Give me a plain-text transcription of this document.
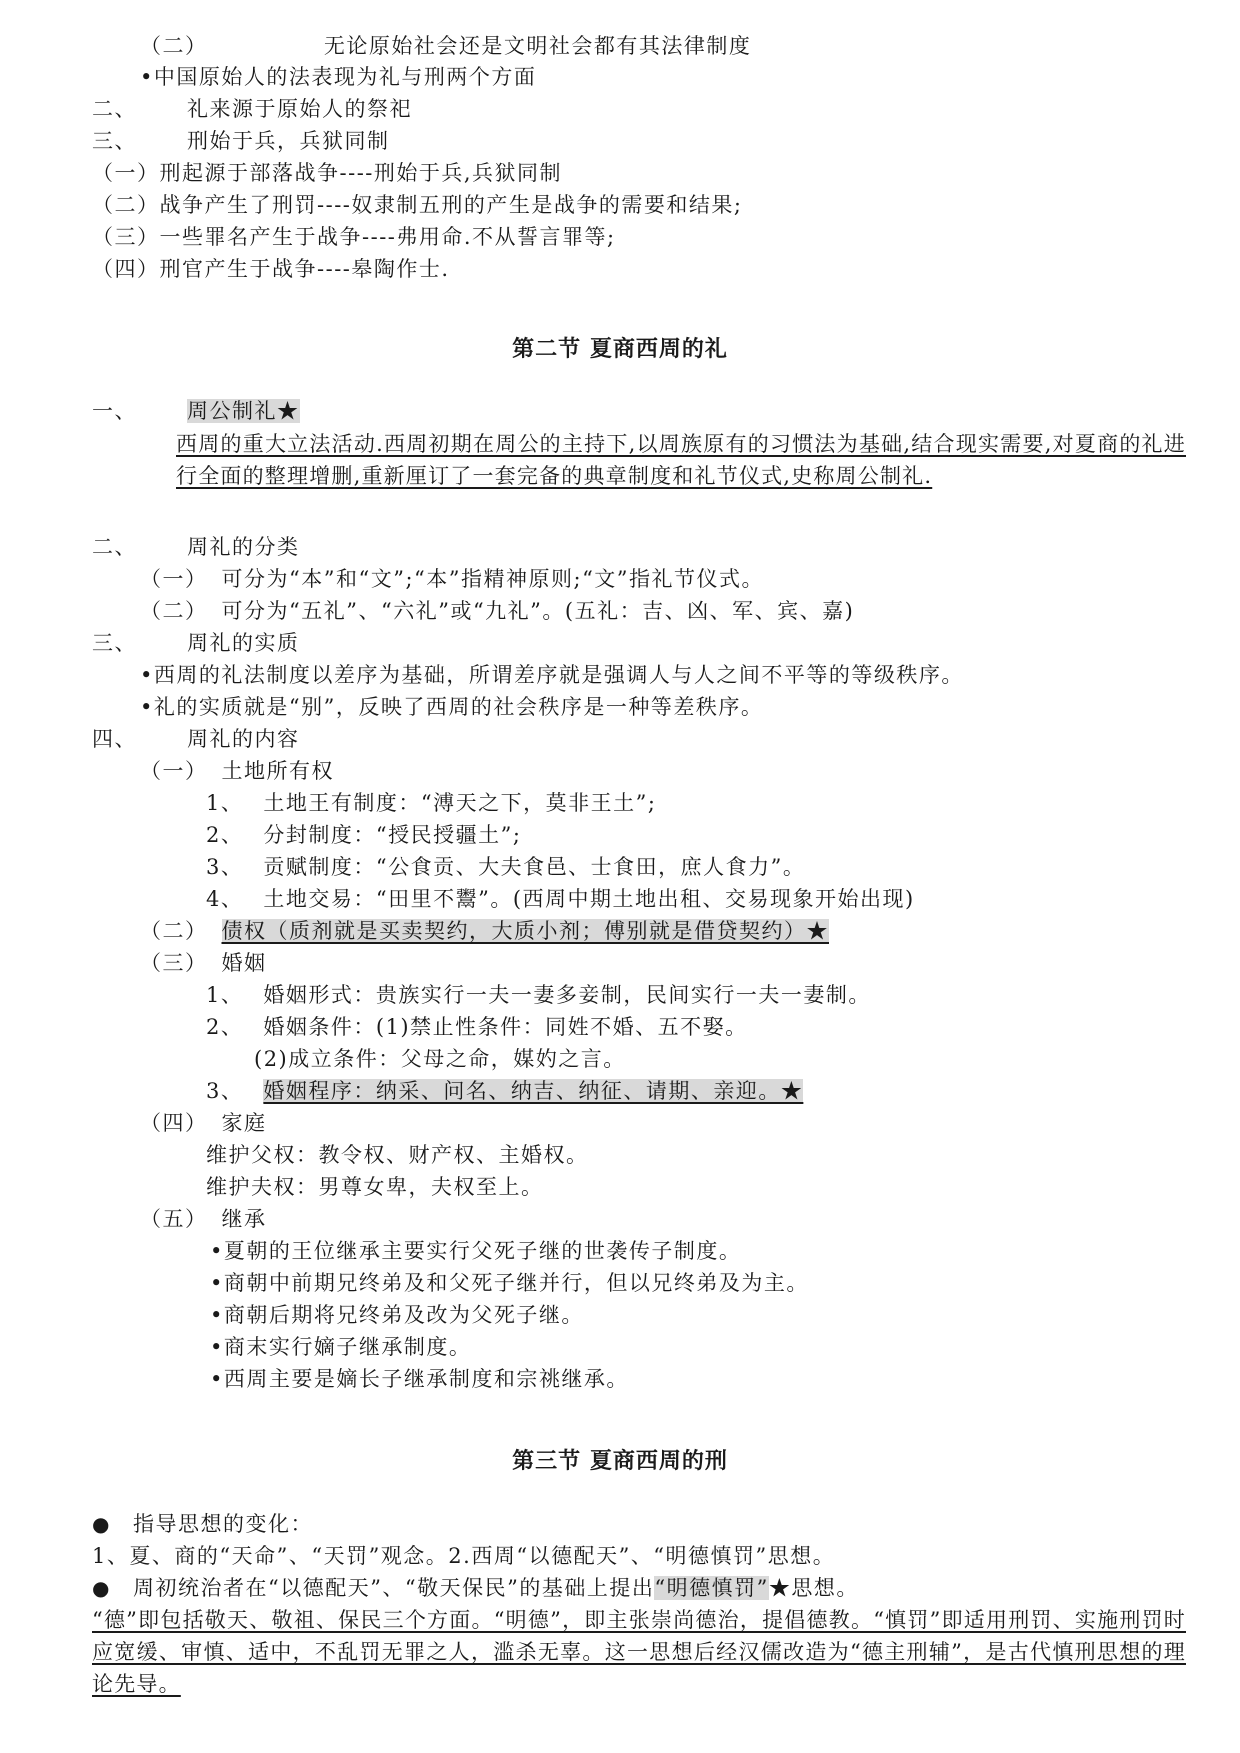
（二）	无论原始社会还是文明社会都有其法律制度
•中国原始人的法表现为礼与刑两个方面
二、 礼来源于原始人的祭祀
三、 刑始于兵，兵狱同制
（一）刑起源于部落战争----刑始于兵,兵狱同制
（二）战争产生了刑罚----奴隶制五刑的产生是战争的需要和结果;
（三）一些罪名产生于战争----弗用命.不从誓言罪等;
（四）刑官产生于战争----皋陶作士.
第二节 夏商西周的礼
一、 周公制礼★
西周的重大立法活动.西周初期在周公的主持下,以周族原有的习惯法为基础,结合现实需要,对夏商的礼进行全面的整理增删,重新厘订了一套完备的典章制度和礼节仪式,史称周公制礼.
二、 周礼的分类
（一） 可分为“本”和“文”;“本”指精神原则;“文”指礼节仪式。
（二） 可分为“五礼”、“六礼”或“九礼”。(五礼：吉、凶、军、宾、嘉)
三、 周礼的实质
•西周的礼法制度以差序为基础，所谓差序就是强调人与人之间不平等的等级秩序。
•礼的实质就是“别”，反映了西周的社会秩序是一种等差秩序。
四、 周礼的内容
（一） 土地所有权
1、 土地王有制度：“溥天之下，莫非王土”;
2、 分封制度：“授民授疆土”;
3、 贡赋制度：“公食贡、大夫食邑、士食田，庶人食力”。
4、 土地交易：“田里不鬻”。(西周中期土地出租、交易现象开始出现)
（二） 债权（质剂就是买卖契约，大质小剂；傅别就是借贷契约）★
（三） 婚姻
1、 婚姻形式：贵族实行一夫一妻多妾制，民间实行一夫一妻制。
2、 婚姻条件：(1)禁止性条件：同姓不婚、五不娶。
(2)成立条件：父母之命，媒妁之言。
3、 婚姻程序：纳采、问名、纳吉、纳征、请期、亲迎。★
（四） 家庭
维护父权：教令权、财产权、主婚权。
维护夫权：男尊女卑，夫权至上。
（五） 继承
•夏朝的王位继承主要实行父死子继的世袭传子制度。
•商朝中前期兄终弟及和父死子继并行，但以兄终弟及为主。
•商朝后期将兄终弟及改为父死子继。
•商末实行嫡子继承制度。
•西周主要是嫡长子继承制度和宗祧继承。
第三节 夏商西周的刑
● 指导思想的变化：
1、夏、商的“天命”、“天罚”观念。2.西周“以德配天”、“明德慎罚”思想。
● 周初统治者在“以德配天”、“敬天保民”的基础上提出“明德慎罚”★思想。
“德”即包括敬天、敬祖、保民三个方面。“明德”，即主张崇尚德治，提倡德教。“慎罚”即适用刑罚、实施刑罚时应宽缓、审慎、适中，不乱罚无罪之人，滥杀无辜。这一思想后经汉儒改造为“德主刑辅”，是古代慎刑思想的理论先导。
